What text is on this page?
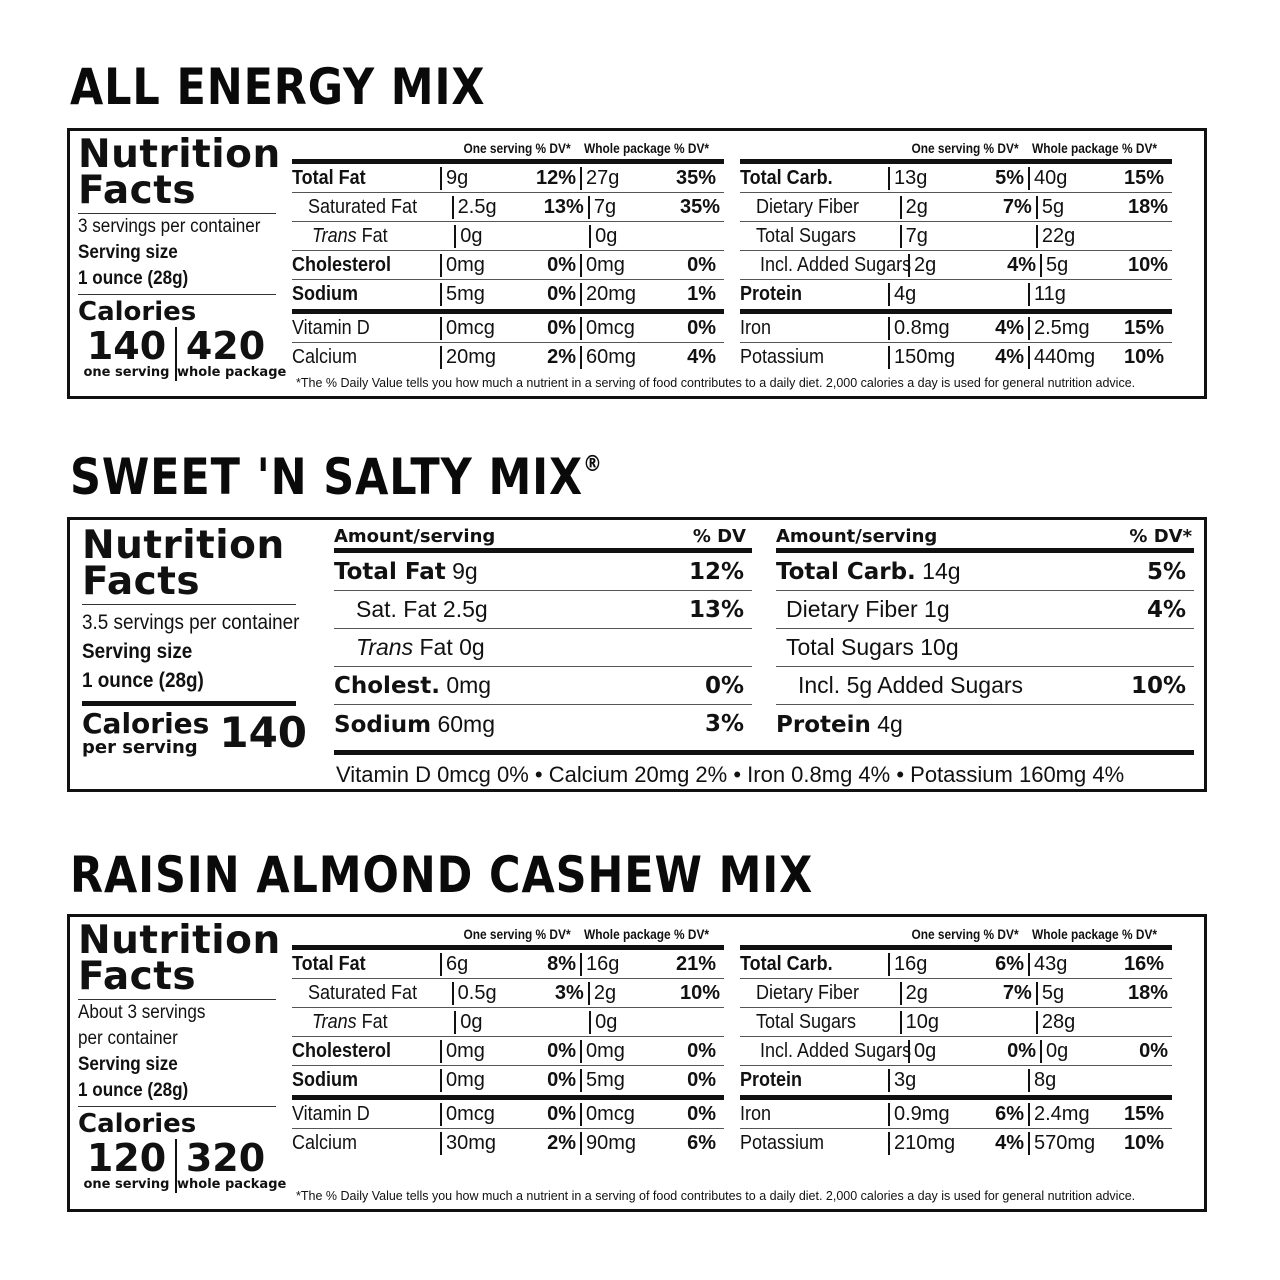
ALL ENERGY MIX
Nutrition
Facts
3 servings per container
Serving size
1 ounce (28g)
Calories
140
one serving
420
whole package
One serving % DV* Whole package % DV*
Total Fat	9g	12% 27g	35%
Saturated Fat	2.5g	13% 7g	35%
Trans Fat	0g	0g
Cholesterol	0mg	0% 0mg	0%
Sodium	5mg	0% 20mg	1%
Vitamin D	0mcg	0% 0mcg	0%
Calcium	20mg	2% 60mg	4%
One serving % DV* Whole package % DV*
Total Carb.	13g	5% 40g	15%
Dietary Fiber	2g	7% 5g	18%
Total Sugars	7g	22g
Incl. Added Sugars 2g	4% 5g	10%
Protein	4g	11g
Iron	0.8mg	4% 2.5mg	15%
Potassium	150mg	4% 440mg	10%
*The % Daily Value tells you how much a nutrient in a serving of food contributes to a daily diet. 2,000 calories a day is used for general nutrition advice.
SWEET 'N SALTY MIX®
Nutrition
Facts
3.5 servings per container
Serving size
1 ounce (28g)
Calories
per serving 140
Amount/serving	% DV
Total Fat 9g	12%
Sat. Fat 2.5g	13%
Trans Fat 0g
Cholest. 0mg	0%
Sodium 60mg	3%
Amount/serving	% DV*
Total Carb. 14g	5%
Dietary Fiber 1g	4%
Total Sugars 10g
Incl. 5g Added Sugars	10%
Protein 4g
Vitamin D 0mcg 0% • Calcium 20mg 2% • Iron 0.8mg 4% • Potassium 160mg 4%
RAISIN ALMOND CASHEW MIX
Nutrition
Facts
About 3 servings
per container
Serving size
1 ounce (28g)
Calories
120
one serving
320
whole package
One serving % DV* Whole package % DV*
Total Fat	6g	8% 16g	21%
Saturated Fat	0.5g	3% 2g	10%
Trans Fat	0g	0g
Cholesterol	0mg	0% 0mg	0%
Sodium	0mg	0% 5mg	0%
Vitamin D	0mcg	0% 0mcg	0%
Calcium	30mg	2% 90mg	6%
One serving % DV* Whole package % DV*
Total Carb.	16g	6% 43g	16%
Dietary Fiber	2g	7% 5g	18%
Total Sugars	10g	28g
Incl. Added Sugars 0g	0% 0g	0%
Protein	3g	8g
Iron	0.9mg	6% 2.4mg	15%
Potassium	210mg	4% 570mg	10%
*The % Daily Value tells you how much a nutrient in a serving of food contributes to a daily diet. 2,000 calories a day is used for general nutrition advice.
